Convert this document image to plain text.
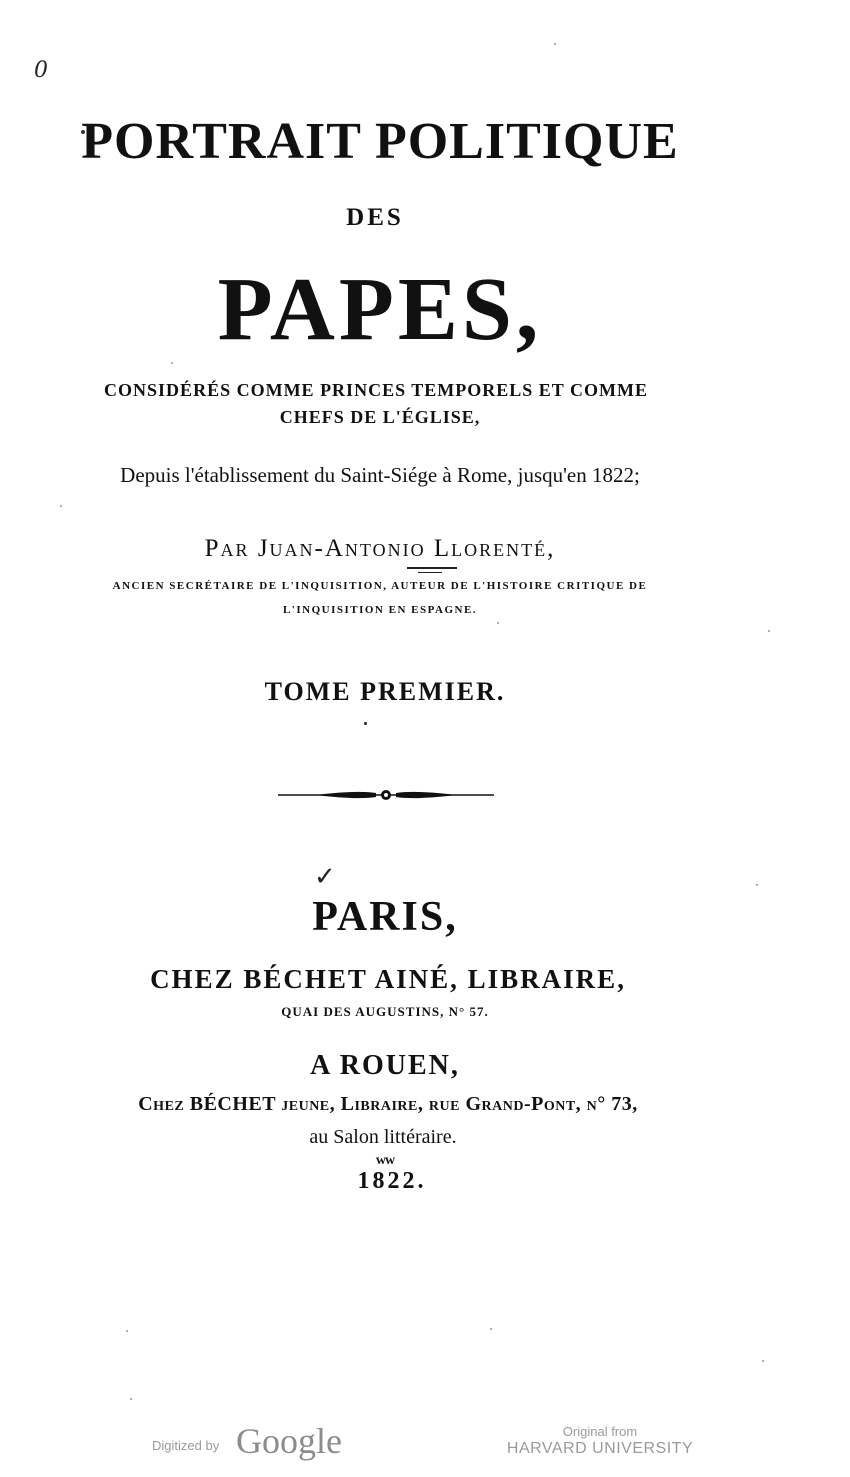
0
PORTRAIT POLITIQUE
DES
PAPES,
CONSIDÉRÉS COMME PRINCES TEMPORELS ET COMME
CHEFS DE L'ÉGLISE,
Depuis l'établissement du Saint-Siége à Rome, jusqu'en 1822;
Par Juan-Antonio Llorenté,
ANCIEN SECRÉTAIRE DE L'INQUISITION, AUTEUR DE L'HISTOIRE CRITIQUE DE
L'INQUISITION EN ESPAGNE.
TOME PREMIER.
✓
PARIS,
CHEZ BÉCHET AINÉ, LIBRAIRE,
QUAI DES AUGUSTINS, N° 57.
A ROUEN,
Chez BÉCHET jeune, Libraire, rue Grand-Pont, n° 73,
au Salon littéraire.
ww
1822.
Digitized by Google	Original from
HARVARD UNIVERSITY
